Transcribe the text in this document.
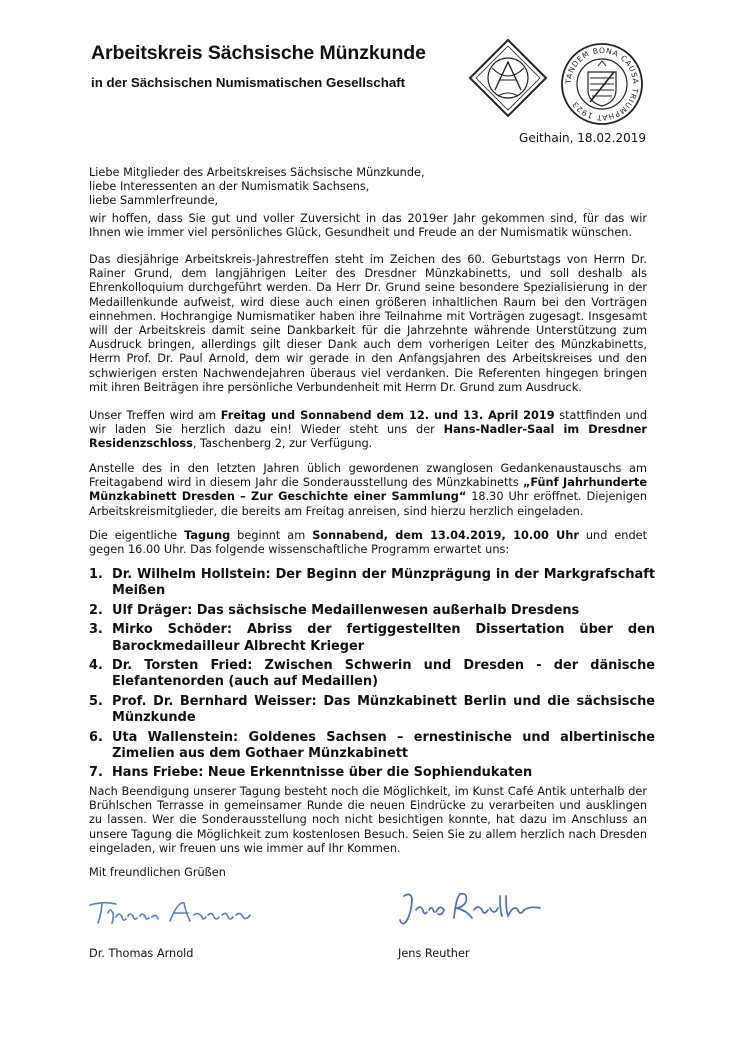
Arbeitskreis Sächsische Münzkunde
in der Sächsischen Numismatischen Gesellschaft	TANDEM BONA CAUSA TRIUMPHAT 1923
Geithain, 18.02.2019
Liebe Mitglieder des Arbeitskreises Sächsische Münzkunde,
liebe Interessenten an der Numismatik Sachsens,
liebe Sammlerfreunde,
wir hoffen, dass Sie gut und voller Zuversicht in das 2019er Jahr gekommen sind, für das wir Ihnen wie immer viel persönliches Glück, Gesundheit und Freude an der Numismatik wünschen.
Das diesjährige Arbeitskreis-Jahrestreffen steht im Zeichen des 60. Geburtstags von Herrn Dr. Rainer Grund, dem langjährigen Leiter des Dresdner Münzkabinetts, und soll deshalb als Ehrenkolloquium durchgeführt werden. Da Herr Dr. Grund seine besondere Spezialisierung in der Medaillenkunde aufweist, wird diese auch einen größeren inhaltlichen Raum bei den Vorträgen einnehmen. Hochrangige Numismatiker haben ihre Teilnahme mit Vorträgen zugesagt. Insgesamt will der Arbeitskreis damit seine Dankbarkeit für die Jahrzehnte währende Unterstützung zum Ausdruck bringen, allerdings gilt dieser Dank auch dem vorherigen Leiter des Münzkabinetts, Herrn Prof. Dr. Paul Arnold, dem wir gerade in den Anfangsjahren des Arbeitskreises und den schwierigen ersten Nachwendejahren überaus viel verdanken. Die Referenten hingegen bringen mit ihren Beiträgen ihre persönliche Verbundenheit mit Herrn Dr. Grund zum Ausdruck.
Unser Treffen wird am Freitag und Sonnabend dem 12. und 13. April 2019 stattfinden und wir laden Sie herzlich dazu ein! Wieder steht uns der Hans-Nadler-Saal im Dresdner Residenzschloss, Taschenberg 2, zur Verfügung.
Anstelle des in den letzten Jahren üblich gewordenen zwanglosen Gedankenaustauschs am Freitagabend wird in diesem Jahr die Sonderausstellung des Münzkabinetts „Fünf Jahrhunderte Münzkabinett Dresden – Zur Geschichte einer Sammlung“ 18.30 Uhr eröffnet. Diejenigen Arbeitskreismitglieder, die bereits am Freitag anreisen, sind hierzu herzlich eingeladen.
Die eigentliche Tagung beginnt am Sonnabend, dem 13.04.2019, 10.00 Uhr und endet gegen 16.00 Uhr. Das folgende wissenschaftliche Programm erwartet uns:
1. Dr. Wilhelm Hollstein: Der Beginn der Münzprägung in der Markgrafschaft Meißen
2. Ulf Dräger: Das sächsische Medaillenwesen außerhalb Dresdens
3. Mirko Schöder: Abriss der fertiggestellten Dissertation über den Barockmedailleur Albrecht Krieger
4. Dr. Torsten Fried: Zwischen Schwerin und Dresden - der dänische Elefantenorden (auch auf Medaillen)
5. Prof. Dr. Bernhard Weisser: Das Münzkabinett Berlin und die sächsische Münzkunde
6. Uta Wallenstein: Goldenes Sachsen – ernestinische und albertinische Zimelien aus dem Gothaer Münzkabinett
7. Hans Friebe: Neue Erkenntnisse über die Sophiendukaten
Nach Beendigung unserer Tagung besteht noch die Möglichkeit, im Kunst Café Antik unterhalb der Brühlschen Terrasse in gemeinsamer Runde die neuen Eindrücke zu verarbeiten und ausklingen zu lassen. Wer die Sonderausstellung noch nicht besichtigen konnte, hat dazu im Anschluss an unsere Tagung die Möglichkeit zum kostenlosen Besuch. Seien Sie zu allem herzlich nach Dresden eingeladen, wir freuen uns wie immer auf Ihr Kommen.
Mit freundlichen Grüßen
Dr. Thomas Arnold	Jens Reuther
